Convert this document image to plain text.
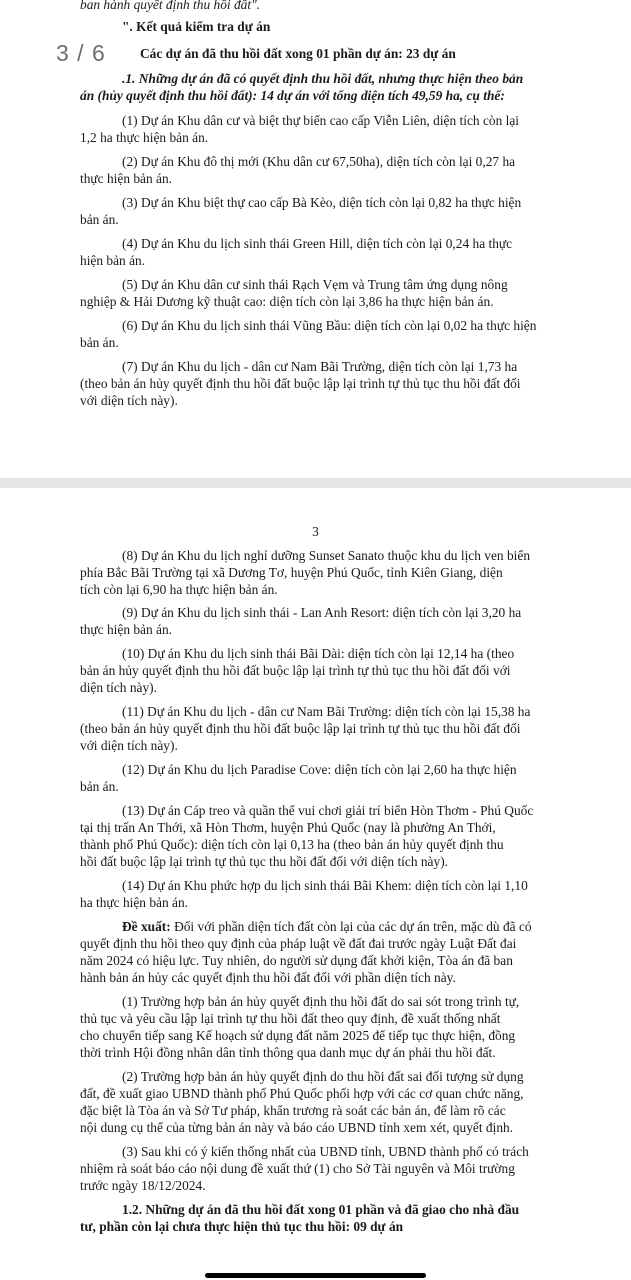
ban hành quyết định thu hồi đất".
". Kết quả kiểm tra dự án
Các dự án đã thu hồi đất xong 01 phần dự án: 23 dự án
.1. Những dự án đã có quyết định thu hồi đất, nhưng thực hiện theo bản
án (hủy quyết định thu hồi đất): 14 dự án với tổng diện tích 49,59 ha, cụ thể:
(1) Dự án Khu dân cư và biệt thự biển cao cấp Viễn Liên, diện tích còn lại
1,2 ha thực hiện bản án.
(2) Dự án Khu đô thị mới (Khu dân cư 67,50ha), diện tích còn lại 0,27 ha
thực hiện bản án.
(3) Dự án Khu biệt thự cao cấp Bà Kèo, diện tích còn lại 0,82 ha thực hiện
bản án.
(4) Dự án Khu du lịch sinh thái Green Hill, diện tích còn lại 0,24 ha thực
hiện bản án.
(5) Dự án Khu dân cư sinh thái Rạch Vẹm và Trung tâm ứng dụng nông
nghiệp & Hải Dương kỹ thuật cao: diện tích còn lại 3,86 ha thực hiện bản án.
(6) Dự án Khu du lịch sinh thái Vũng Bầu: diện tích còn lại 0,02 ha thực hiện
bản án.
(7) Dự án Khu du lịch - dân cư Nam Bãi Trường, diện tích còn lại 1,73 ha
(theo bản án hủy quyết định thu hồi đất buộc lập lại trình tự thủ tục thu hồi đất đối
với diện tích này).
3 / 6
3
(8) Dự án Khu du lịch nghỉ dưỡng Sunset Sanato thuộc khu du lịch ven biển
phía Bắc Bãi Trường tại xã Dương Tơ, huyện Phú Quốc, tỉnh Kiên Giang, diện
tích còn lại 6,90 ha thực hiện bản án.
(9) Dự án Khu du lịch sinh thái - Lan Anh Resort: diện tích còn lại 3,20 ha
thực hiện bản án.
(10) Dự án Khu du lịch sinh thái Bãi Dài: diện tích còn lại 12,14 ha (theo
bản án hủy quyết định thu hồi đất buộc lập lại trình tự thủ tục thu hồi đất đối với
diện tích này).
(11) Dự án Khu du lịch - dân cư Nam Bãi Trường: diện tích còn lại 15,38 ha
(theo bản án hủy quyết định thu hồi đất buộc lập lại trình tự thủ tục thu hồi đất đối
với diện tích này).
(12) Dự án Khu du lịch Paradise Cove: diện tích còn lại 2,60 ha thực hiện
bản án.
(13) Dự án Cáp treo và quần thể vui chơi giải trí biển Hòn Thơm - Phú Quốc
tại thị trấn An Thới, xã Hòn Thơm, huyện Phú Quốc (nay là phường An Thới,
thành phố Phú Quốc): diện tích còn lại 0,13 ha (theo bản án hủy quyết định thu
hồi đất buộc lập lại trình tự thủ tục thu hồi đất đối với diện tích này).
(14) Dự án Khu phức hợp du lịch sinh thái Bãi Khem: diện tích còn lại 1,10
ha thực hiện bản án.
Đề xuất: Đối với phần diện tích đất còn lại của các dự án trên, mặc dù đã có
quyết định thu hồi theo quy định của pháp luật về đất đai trước ngày Luật Đất đai
năm 2024 có hiệu lực. Tuy nhiên, do người sử dụng đất khởi kiện, Tòa án đã ban
hành bản án hủy các quyết định thu hồi đất đối với phần diện tích này.
(1) Trường hợp bản án hủy quyết định thu hồi đất do sai sót trong trình tự,
thủ tục và yêu cầu lập lại trình tự thu hồi đất theo quy định, đề xuất thống nhất
cho chuyển tiếp sang Kế hoạch sử dụng đất năm 2025 để tiếp tục thực hiện, đồng
thời trình Hội đồng nhân dân tỉnh thông qua danh mục dự án phải thu hồi đất.
(2) Trường hợp bản án hủy quyết định do thu hồi đất sai đối tượng sử dụng
đất, đề xuất giao UBND thành phố Phú Quốc phối hợp với các cơ quan chức năng,
đặc biệt là Tòa án và Sở Tư pháp, khẩn trương rà soát các bản án, để làm rõ các
nội dung cụ thể của từng bản án này và báo cáo UBND tỉnh xem xét, quyết định.
(3) Sau khi có ý kiến thống nhất của UBND tỉnh, UBND thành phố có trách
nhiệm rà soát báo cáo nội dung đề xuất thứ (1) cho Sở Tài nguyên và Môi trường
trước ngày 18/12/2024.
1.2. Những dự án đã thu hồi đất xong 01 phần và đã giao cho nhà đầu
tư, phần còn lại chưa thực hiện thủ tục thu hồi: 09 dự án
